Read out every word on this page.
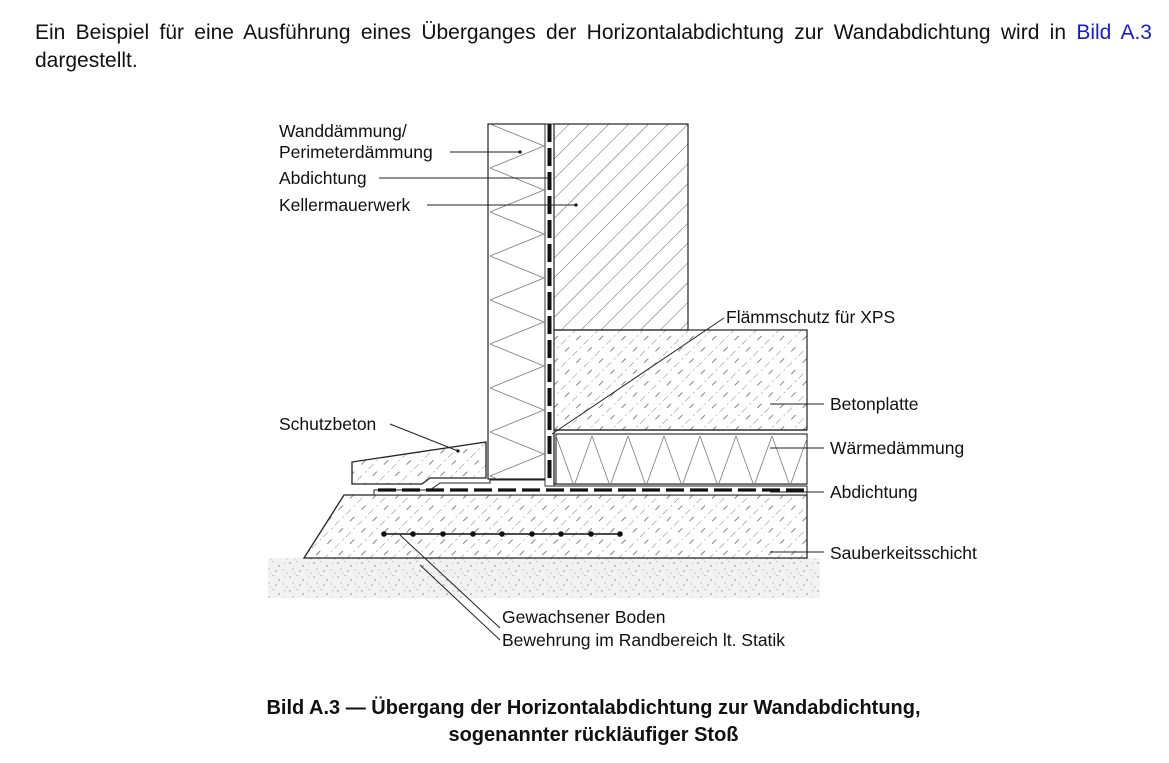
Ein Beispiel für eine Ausführung eines Überganges der Horizontalabdichtung zur Wandabdichtung wird in Bild A.3 dargestellt.

Wanddämmung/
Perimeterdämmung
Abdichtung
Kellermauerwerk
Flämmschutz für XPS
Schutzbeton
Betonplatte
Wärmedämmung
Abdichtung
Sauberkeitsschicht
Gewachsener Boden
Bewehrung im Randbereich lt. Statik
Bild A.3 — Übergang der Horizontalabdichtung zur Wandabdichtung,
sogenannter rückläufiger Stoß
